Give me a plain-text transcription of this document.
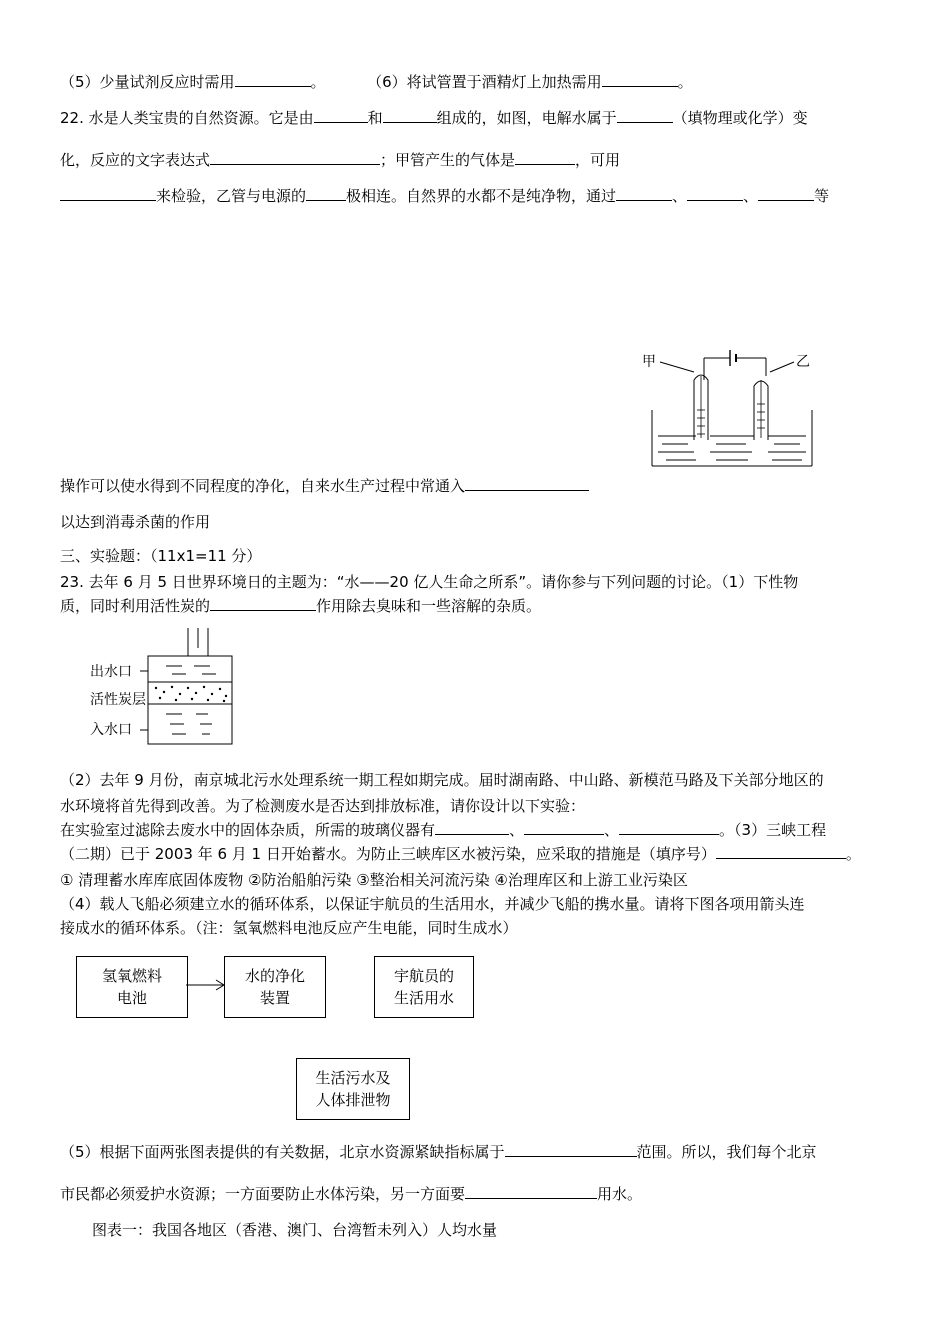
（5）少量试剂反应时需用	。	（6）将试管置于酒精灯上加热需用	。
22. 水是人类宝贵的自然资源。它是由	和	组成的，如图，电解水属于	（填物理或化学）变
化，反应的文字表达式	；甲管产生的气体是	，可用
来检验，乙管与电源的	极相连。自然界的水都不是纯净物，通过	、	、	等
甲	乙
操作可以使水得到不同程度的净化，自来水生产过程中常通入
以达到消毒杀菌的作用
三、实验题：（11x1=11 分）
23. 去年 6 月 5 日世界环境日的主题为：“水——20 亿人生命之所系”。请你参与下列问题的讨论。（1）下性物
质，同时利用活性炭的	作用除去臭味和一些溶解的杂质。
出水口
活性炭层
入水口
（2）去年 9 月份，南京城北污水处理系统一期工程如期完成。届时湖南路、中山路、新模范马路及下关部分地区的
水环境将首先得到改善。为了检测废水是否达到排放标准，请你设计以下实验：
在实验室过滤除去废水中的固体杂质，所需的玻璃仪器有	、	、	。（3）三峡工程
（二期）已于 2003 年 6 月 1 日开始蓄水。为防止三峡库区水被污染，应采取的措施是（填序号）	。
① 清理蓄水库库底固体废物 ②防治船舶污染 ③整治相关河流污染 ④治理库区和上游工业污染区
（4）载人飞船必须建立水的循环体系，以保证宇航员的生活用水，并减少飞船的携水量。请将下图各项用箭头连
接成水的循环体系。（注：氢氧燃料电池反应产生电能，同时生成水）
氢氧燃料
电池
水的净化
装置
宇航员的
生活用水
生活污水及
人体排泄物
（5）根据下面两张图表提供的有关数据，北京水资源紧缺指标属于	范围。所以，我们每个北京
市民都必须爱护水资源；一方面要防止水体污染，另一方面要	用水。
图表一：我国各地区（香港、澳门、台湾暂未列入）人均水量
